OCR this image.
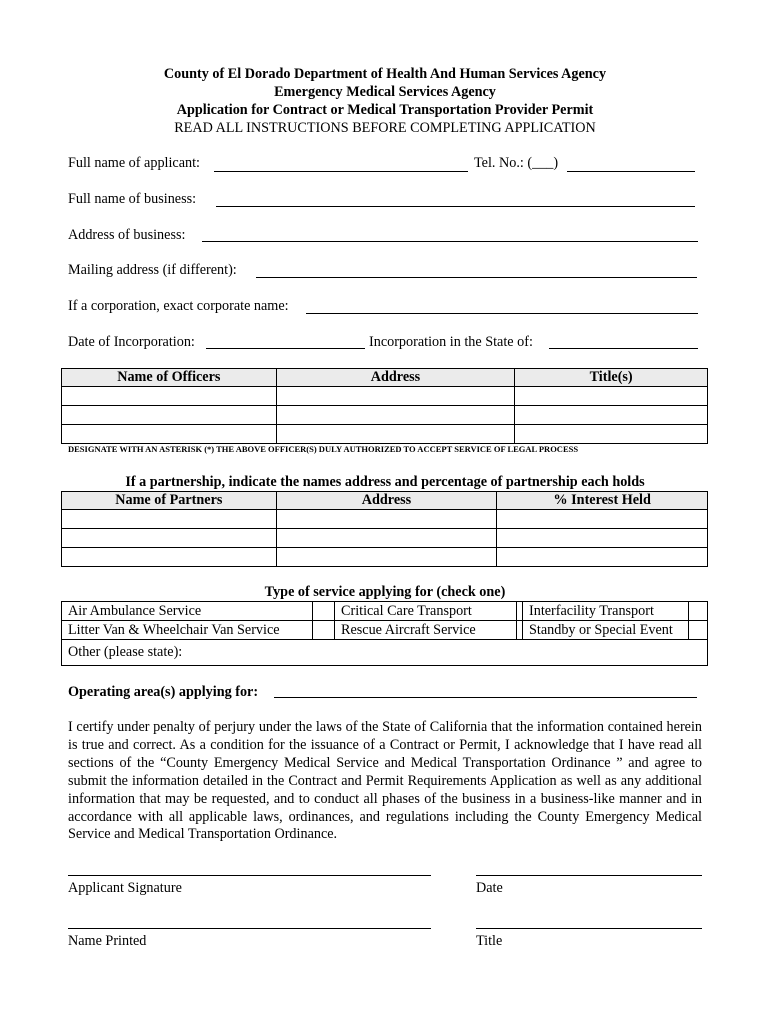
County of El Dorado Department of Health And Human Services Agency
Emergency Medical Services Agency
Application for Contract or Medical Transportation Provider Permit
READ ALL INSTRUCTIONS BEFORE COMPLETING APPLICATION
Full name of applicant:	Tel. No.: (___)
Full name of business:
Address of business:
Mailing address (if different):
If a corporation, exact corporate name:
Date of Incorporation:	Incorporation in the State of:
Name of Officers	Address	Title(s)

DESIGNATE WITH AN ASTERISK (*) THE ABOVE OFFICER(S) DULY AUTHORIZED TO ACCEPT SERVICE OF LEGAL PROCESS
If a partnership, indicate the names address and percentage of partnership each holds
Name of Partners	Address	% Interest Held

Type of service applying for (check one)
Air Ambulance Service	Critical Care Transport	Interfacility Transport
Litter Van & Wheelchair Van Service	Rescue Aircraft Service	Standby or Special Event
Other (please state):
Operating area(s) applying for:
I certify under penalty of perjury under the laws of the State of California that the information contained herein is true and correct. As a condition for the issuance of a Contract or Permit, I acknowledge that I have read all sections of the “County Emergency Medical Service and Medical Transportation Ordinance ” and agree to submit the information detailed in the Contract and Permit Requirements Application as well as any additional information that may be requested, and to conduct all phases of the business in a business-like manner and in accordance with all applicable laws, ordinances, and regulations including the County Emergency Medical Service and Medical Transportation Ordinance.
Applicant Signature	Date
Name Printed	Title
